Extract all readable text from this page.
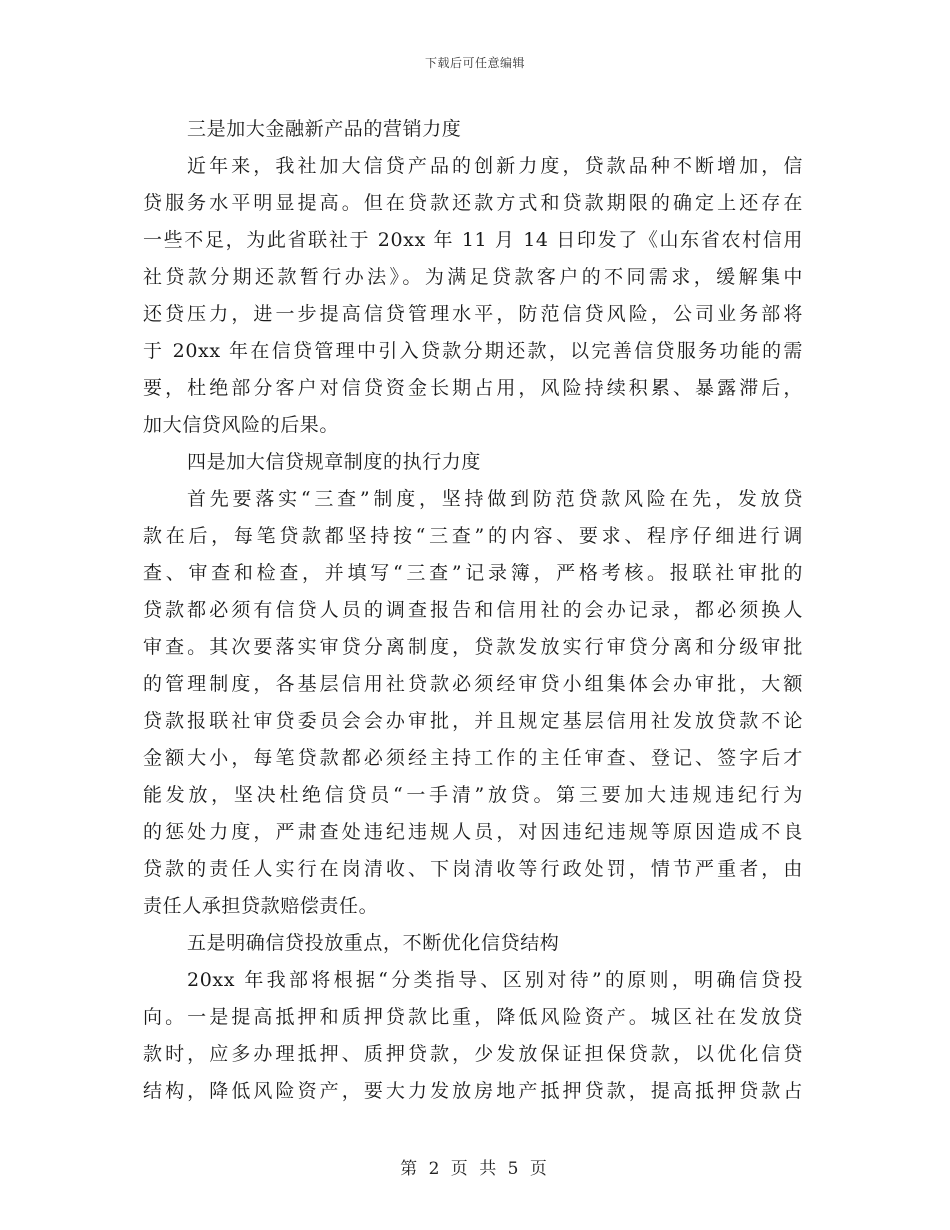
下载后可任意编辑
三是加大金融新产品的营销力度
近年来，我社加大信贷产品的创新力度，贷款品种不断增加，信
贷服务水平明显提高。但在贷款还款方式和贷款期限的确定上还存在
一些不足，为此省联社于 20xx 年 11 月 14 日印发了《山东省农村信用
社贷款分期还款暂行办法》。为满足贷款客户的不同需求，缓解集中
还贷压力，进一步提高信贷管理水平，防范信贷风险，公司业务部将
于 20xx 年在信贷管理中引入贷款分期还款，以完善信贷服务功能的需
要，杜绝部分客户对信贷资金长期占用，风险持续积累、暴露滞后，
加大信贷风险的后果。
四是加大信贷规章制度的执行力度
首先要落实“三查”制度，坚持做到防范贷款风险在先，发放贷
款在后，每笔贷款都坚持按“三查”的内容、要求、程序仔细进行调
查、审查和检查，并填写“三查”记录簿，严格考核。报联社审批的
贷款都必须有信贷人员的调查报告和信用社的会办记录，都必须换人
审查。其次要落实审贷分离制度，贷款发放实行审贷分离和分级审批
的管理制度，各基层信用社贷款必须经审贷小组集体会办审批，大额
贷款报联社审贷委员会会办审批，并且规定基层信用社发放贷款不论
金额大小，每笔贷款都必须经主持工作的主任审查、登记、签字后才
能发放，坚决杜绝信贷员“一手清”放贷。第三要加大违规违纪行为
的惩处力度，严肃查处违纪违规人员，对因违纪违规等原因造成不良
贷款的责任人实行在岗清收、下岗清收等行政处罚，情节严重者，由
责任人承担贷款赔偿责任。
五是明确信贷投放重点，不断优化信贷结构
20xx 年我部将根据“分类指导、区别对待”的原则，明确信贷投
向。一是提高抵押和质押贷款比重，降低风险资产。城区社在发放贷
款时，应多办理抵押、质押贷款，少发放保证担保贷款，以优化信贷
结构，降低风险资产，要大力发放房地产抵押贷款，提高抵押贷款占
第 2 页 共 5 页
